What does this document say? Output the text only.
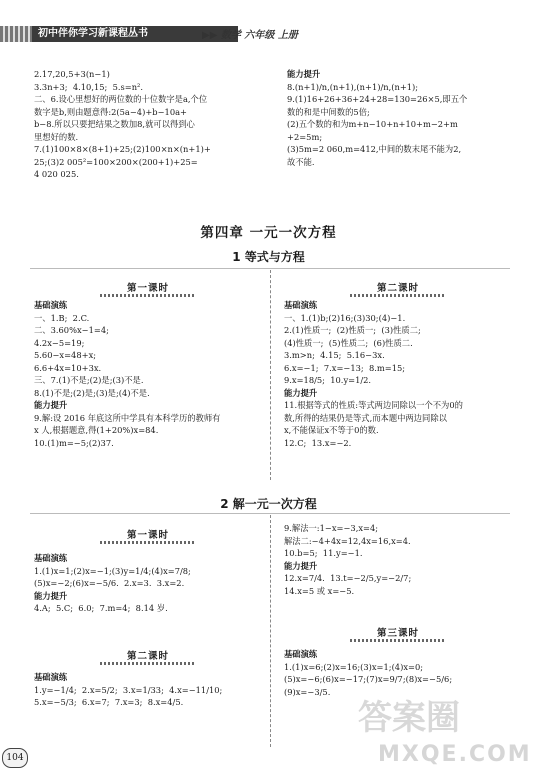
初中伴你学习新课程丛书	▶▶ 数学 六年级 上册
2.17,20,5+3(n−1)
3.3n+3;  4.10,15;  5.s=n².
二、6.设心里想好的两位数的十位数字是a,个位
数字是b,则由题意得:2(5a−4)+b−10a+
b−8.所以只要把结果之数加8,就可以得到心
里想好的数.
7.(1)100×8×(8+1)+25;(2)100×n×(n+1)+
25;(3)2 005²=100×200×(200+1)+25=
4 020 025.
能力提升
8.(n+1)/n,(n+1),(n+1)/n,(n+1);
9.(1)16+26+36+24+28=130=26×5,即五个
数的和是中间数的5倍;
(2)五个数的和为m+n−10+n+10+m−2+m
+2=5m;
(3)5m=2 060,m=412,中间的数末尾不能为2,
故不能.
第四章 一元一次方程
1 等式与方程
第一课时
基础演练
一、1.B;  2.C.
二、3.60%x−1=4;
4.2x−5=19;
5.60−x=48+x;
6.6+4x=10+3x.
三、7.(1)不是;(2)是;(3)不是.
8.(1)不是;(2)是;(3)是;(4)不是.
能力提升
9.解:设 2016 年底这所中学具有本科学历的教师有
x 人,根据题意,得(1+20%)x=84.
10.(1)m=−5;(2)37.
第二课时
基础演练
一、1.(1)b;(2)16;(3)30;(4)−1.
2.(1)性质一;  (2)性质一;  (3)性质二;
(4)性质一;  (5)性质二;  (6)性质二.
3.m>n;  4.15;  5.16−3x.
6.x=−1;  7.x=−13;  8.m=15;
9.x=18/5;  10.y=1/2.
能力提升
11.根据等式的性质:等式两边同除以一个不为0的
数,所得的结果仍是等式,而本题中两边同除以
x,不能保证x不等于0的数.
12.C;  13.x=−2.
2 解一元一次方程
第一课时
基础演练
1.(1)x=1;(2)x=−1;(3)y=1/4;(4)x=7/8;
(5)x=−2;(6)x=−5/6.  2.x=3.  3.x=2.
能力提升
4.A;  5.C;  6.0;  7.m=4;  8.14 岁.
第二课时
基础演练
1.y=−1/4;  2.x=5/2;  3.x=1/33;  4.x=−11/10;
5.x=−5/3;  6.x=7;  7.x=3;  8.x=4/5.
9.解法一:1−x=−3,x=4;
解法二:−4+4x=12,4x=16,x=4.
10.b=5;  11.y=−1.
能力提升
12.x=7/4.  13.t=−2/5,y=−2/7;
14.x=5 或 x=−5.
第三课时
基础演练
1.(1)x=6;(2)x=16;(3)x=1;(4)x=0;
(5)x=−6;(6)x=−17;(7)x=9/7;(8)x=−5/6;
(9)x=−3/5.
答案圈
MXQE.COM
104
